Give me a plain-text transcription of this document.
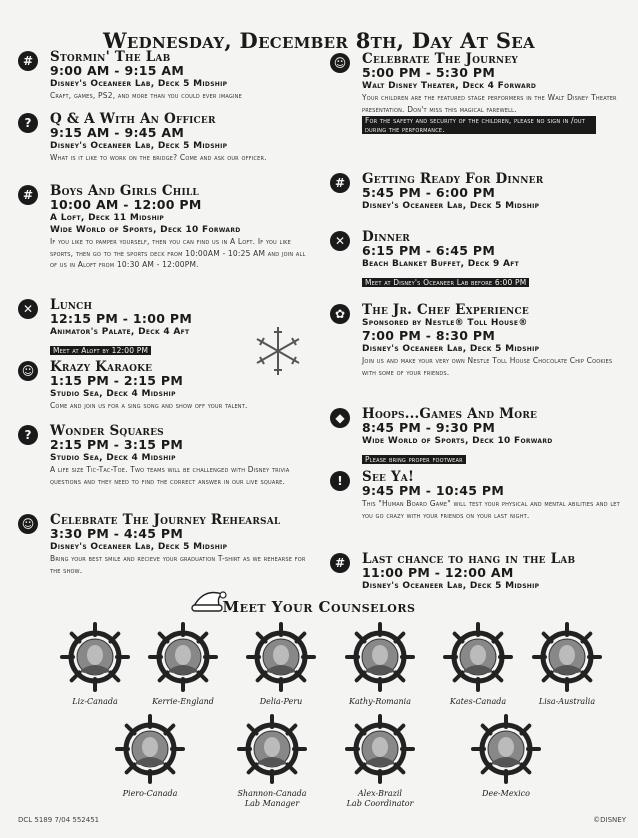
Wednesday, December 8th, Day At Sea
#	Stormin' The Lab
9:00 AM - 9:15 AM
Disney's Oceaneer Lab, Deck 5 Midship
Craft, games, PS2, and more than you could ever imagine
?	Q & A With An Officer
9:15 AM - 9:45 AM
Disney's Oceaneer Lab, Deck 5 Midship
What is it like to work on the bridge? Come and ask our officer.
#	Boys And Girls Chill
10:00 AM - 12:00 PM
A Loft, Deck 11 Midship
Wide World of Sports, Deck 10 Forward
If you like to pamper yourself, then you can find us in A Loft. If you like sports, then go to the sports deck from 10:00AM - 10:25 AM and join all of us in Aloft from 10:30 AM - 12:00PM.
✕	Lunch
12:15 PM - 1:00 PM
Animator's Palate, Deck 4 Aft
Meet at Aloft by 12:00 PM
☺ Krazy Karaoke
1:15 PM - 2:15 PM
Studio Sea, Deck 4 Midship
Come and join us for a sing song and show off your talent.
?	Wonder Squares
2:15 PM - 3:15 PM
Studio Sea, Deck 4 Midship
A life size Tic-Tac-Toe. Two teams will be challenged with Disney trivia questions and they need to find the correct answer in our live square.
☺ Celebrate The Journey Rehearsal
3:30 PM - 4:45 PM
Disney's Oceaneer Lab, Deck 5 Midship
Bring your best smile and recieve your graduation T-shirt as we rehearse for the show.
☺ Celebrate The Journey
5:00 PM - 5:30 PM
Walt Disney Theater, Deck 4 Forward
Your children are the featured stage performers in the Walt Disney Theater presentation. Don't miss this magical farewell.
For the safety and security of the children, please no sign in /out during the performance.
#	Getting Ready For Dinner
5:45 PM - 6:00 PM
Disney's Oceaneer Lab, Deck 5 Midship
✕	Dinner
6:15 PM - 6:45 PM
Beach Blanket Buffet, Deck 9 Aft
Meet at Disney's Oceaneer Lab before 6:00 PM
✿	The Jr. Chef Experience
Sponsored by Nestle® Toll House®
7:00 PM - 8:30 PM
Disney's Oceaneer Lab, Deck 5 Midship
Join us and make your very own Nestle Toll House Chocolate Chip Cookies with some of your friends.
◆	Hoops...Games And More
8:45 PM - 9:30 PM
Wide World of Sports, Deck 10 Forward
Please bring proper footwear
!	See Ya!
9:45 PM - 10:45 PM
This "Human Board Game" will test your physical and mental abilities and let you go crazy with your friends on your last night.
#	Last chance to hang in the Lab
11:00 PM - 12:00 AM
Disney's Oceaneer Lab, Deck 5 Midship
Meet Your Counselors
Liz-Canada	Kerrie-England	Delia-Peru	Kathy-Romania	Kates-Canada	Lisa-Australia
Piero-Canada	Shannon-Canada
Lab Manager
Alex-Brazil
Lab Coordinator
Dee-Mexico
DCL 5189 7/04 552451	©DISNEY
